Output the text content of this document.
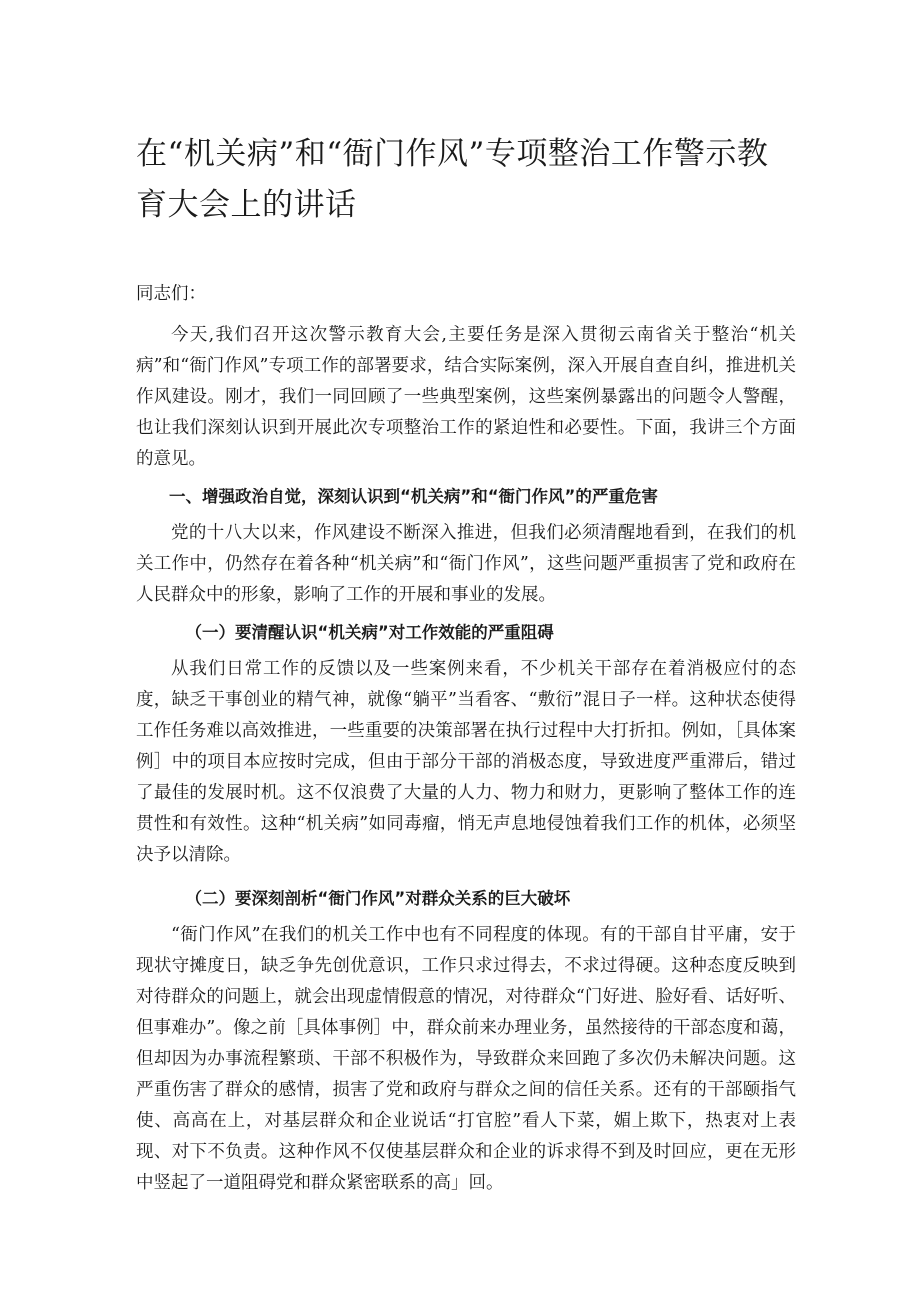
在“机关病”和“衙门作风”专项整治工作警示教育大会上的讲话

同志们：

今天,我们召开这次警示教育大会,主要任务是深入贯彻云南省关于整治“机关病”和“衙门作风”专项工作的部署要求，结合实际案例，深入开展自查自纠，推进机关作风建设。刚才，我们一同回顾了一些典型案例，这些案例暴露出的问题令人警醒，也让我们深刻认识到开展此次专项整治工作的紧迫性和必要性。下面，我讲三个方面的意见。

一、增强政治自觉，深刻认识到“机关病”和“衙门作风”的严重危害

党的十八大以来，作风建设不断深入推进，但我们必须清醒地看到，在我们的机关工作中，仍然存在着各种“机关病”和“衙门作风”，这些问题严重损害了党和政府在人民群众中的形象，影响了工作的开展和事业的发展。

（一）要清醒认识“机关病”对工作效能的严重阻碍

从我们日常工作的反馈以及一些案例来看，不少机关干部存在着消极应付的态度，缺乏干事创业的精气神，就像“躺平”当看客、“敷衍”混日子一样。这种状态使得工作任务难以高效推进，一些重要的决策部署在执行过程中大打折扣。例如，［具体案例］中的项目本应按时完成，但由于部分干部的消极态度，导致进度严重滞后，错过了最佳的发展时机。这不仅浪费了大量的人力、物力和财力，更影响了整体工作的连贯性和有效性。这种“机关病”如同毒瘤，悄无声息地侵蚀着我们工作的机体，必须坚决予以清除。

（二）要深刻剖析“衙门作风”对群众关系的巨大破坏

“衙门作风”在我们的机关工作中也有不同程度的体现。有的干部自甘平庸，安于现状守摊度日，缺乏争先创优意识，工作只求过得去，不求过得硬。这种态度反映到对待群众的问题上，就会出现虚情假意的情况，对待群众“门好进、脸好看、话好听、但事难办”。像之前［具体事例］中，群众前来办理业务，虽然接待的干部态度和蔼，但却因为办事流程繁琐、干部不积极作为，导致群众来回跑了多次仍未解决问题。这严重伤害了群众的感情，损害了党和政府与群众之间的信任关系。还有的干部颐指气使、高高在上，对基层群众和企业说话“打官腔”看人下菜，媚上欺下，热衷对上表现、对下不负责。这种作风不仅使基层群众和企业的诉求得不到及时回应，更在无形中竖起了一道阻碍党和群众紧密联系的高」回。
